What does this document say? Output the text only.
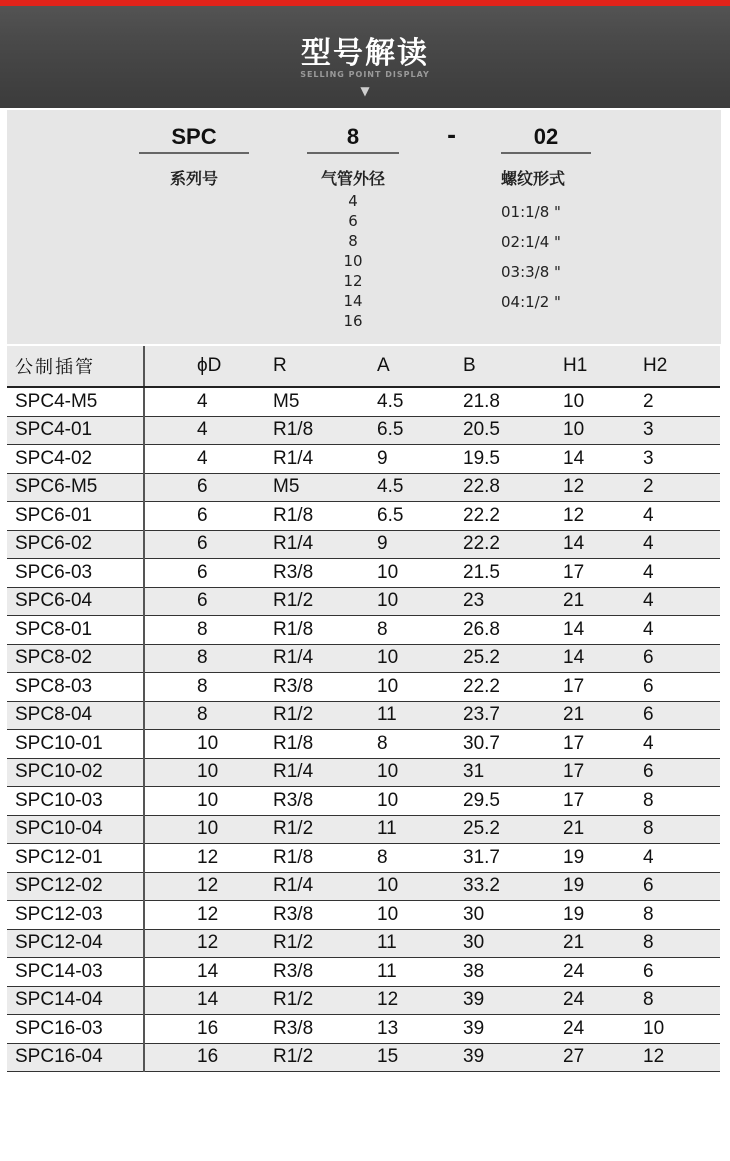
型号解读
SELLING POINT DISPLAY
▼
SPC
系列号
8
气管外径
4
6
8
10
12
14
16
-	02
螺纹形式
01:1/8 "
02:1/4 "
03:3/8 "
04:1/2 "
公制插管	ϕD	R	A	B	H1	H2
SPC4-M5	4	M5	4.5	21.8	10	2
SPC4-01	4	R1/8	6.5	20.5	10	3
SPC4-02	4	R1/4	9	19.5	14	3
SPC6-M5	6	M5	4.5	22.8	12	2
SPC6-01	6	R1/8	6.5	22.2	12	4
SPC6-02	6	R1/4	9	22.2	14	4
SPC6-03	6	R3/8	10	21.5	17	4
SPC6-04	6	R1/2	10	23	21	4
SPC8-01	8	R1/8	8	26.8	14	4
SPC8-02	8	R1/4	10	25.2	14	6
SPC8-03	8	R3/8	10	22.2	17	6
SPC8-04	8	R1/2	11	23.7	21	6
SPC10-01	10	R1/8	8	30.7	17	4
SPC10-02	10	R1/4	10	31	17	6
SPC10-03	10	R3/8	10	29.5	17	8
SPC10-04	10	R1/2	11	25.2	21	8
SPC12-01	12	R1/8	8	31.7	19	4
SPC12-02	12	R1/4	10	33.2	19	6
SPC12-03	12	R3/8	10	30	19	8
SPC12-04	12	R1/2	11	30	21	8
SPC14-03	14	R3/8	11	38	24	6
SPC14-04	14	R1/2	12	39	24	8
SPC16-03	16	R3/8	13	39	24	10
SPC16-04	16	R1/2	15	39	27	12
